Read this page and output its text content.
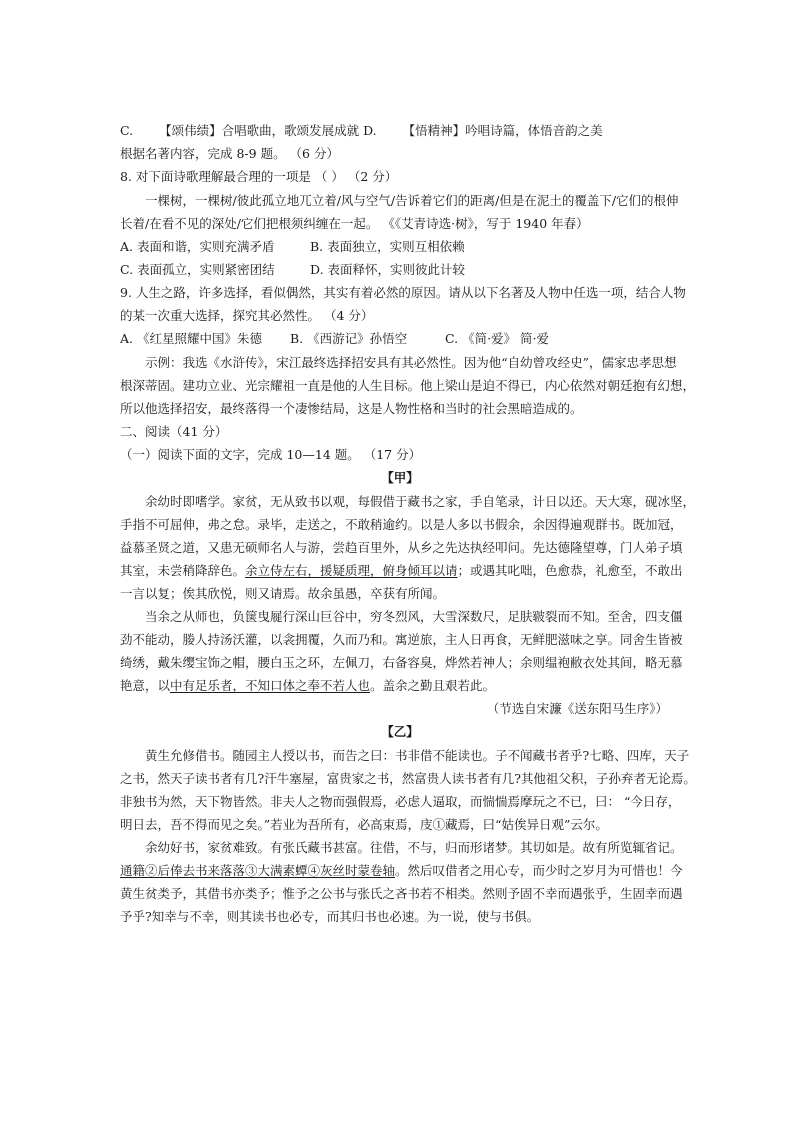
C. 【颂伟绩】合唱歌曲，歌颂发展成就 D. 【悟精神】吟唱诗篇，体悟音韵之美
根据名著内容，完成 8-9 题。 （6 分）
8. 对下面诗歌理解最合理的一项是 （ ） （2 分）
一棵树，一棵树/彼此孤立地兀立着/风与空气/告诉着它们的距离/但是在泥土的覆盖下/它们的根伸
长着/在看不见的深处/它们把根须纠缠在一起。 《《艾青诗选·树》，写于 1940 年春）
A. 表面和谐，实则充满矛盾	B. 表面独立，实则互相依赖
C. 表面孤立，实则紧密团结	D. 表面释怀，实则彼此计较
9. 人生之路，许多选择，看似偶然，其实有着必然的原因。请从以下名著及人物中任选一项，结合人物
的某一次重大选择，探究其必然性。 （4 分）
A. 《红星照耀中国》朱德 B. 《西游记》孙悟空	C. 《简·爱》 简·爱
示例：我选《水浒传》，宋江最终选择招安具有其必然性。因为他“自幼曾攻经史”，儒家忠孝思想
根深蒂固。建功立业、光宗耀祖一直是他的人生目标。他上梁山是迫不得已，内心依然对朝廷抱有幻想，
所以他选择招安，最终落得一个凄惨结局，这是人物性格和当时的社会黑暗造成的。
二、阅读（41 分）
（一）阅读下面的文字，完成 10—14 题。 （17 分）
【甲】
余幼时即嗜学。家贫，无从致书以观，每假借于藏书之家，手自笔录，计日以还。天大寒，砚冰坚，
手指不可屈伸，弗之怠。录毕，走送之，不敢稍逾约。以是人多以书假余，余因得遍观群书。既加冠，
益慕圣贤之道，又患无硕师名人与游，尝趋百里外，从乡之先达执经叩问。先达德隆望尊，门人弟子填
其室，未尝稍降辞色。余立侍左右，援疑质理，俯身倾耳以请；或遇其叱咄，色愈恭，礼愈至，不敢出
一言以复；俟其欣悦，则又请焉。故余虽愚，卒获有所闻。
当余之从师也，负箧曳屣行深山巨谷中，穷冬烈风，大雪深数尺，足肤皲裂而不知。至舍，四支僵
劲不能动，媵人持汤沃灌，以衾拥覆，久而乃和。寓逆旅，主人日再食，无鲜肥滋味之享。同舍生皆被
绮绣，戴朱缨宝饰之帽，腰白玉之环，左佩刀，右备容臭，烨然若神人；余则缊袍敝衣处其间，略无慕
艳意，以中有足乐者，不知口体之奉不若人也。盖余之勤且艰若此。
（节选自宋濂《送东阳马生序》）
【乙】
黄生允修借书。随园主人授以书，而告之曰：书非借不能读也。子不闻藏书者乎?七略、四库，天子
之书，然天子读书者有几?汗牛塞屋，富贵家之书，然富贵人读书者有几?其他祖父积，子孙弃者无论焉。
非独书为然，天下物皆然。非夫人之物而强假焉，必虑人逼取，而惴惴焉摩玩之不已，曰： “今日存，
明日去，吾不得而见之矣。”若业为吾所有，必高束焉，庋①藏焉，曰“姑俟异日观”云尔。
余幼好书，家贫难致。有张氏藏书甚富。往借，不与，归而形诸梦。其切如是。故有所览辄省记。
通籍②后俸去书来落落③大满素蟫④灰丝时蒙卷轴。然后叹借者之用心专，而少时之岁月为可惜也！今
黄生贫类予，其借书亦类予；惟予之公书与张氏之吝书若不相类。然则予固不幸而遇张乎，生固幸而遇
予乎?知幸与不幸，则其读书也必专，而其归书也必速。为一说，使与书俱。
